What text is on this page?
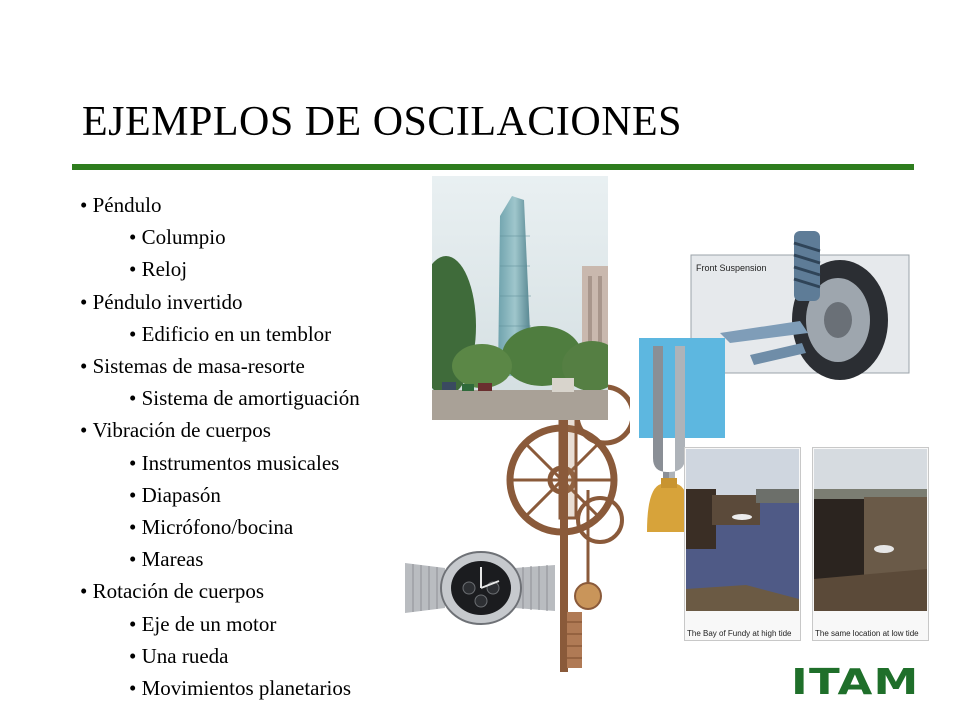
EJEMPLOS DE OSCILACIONES
• Péndulo
• Columpio
• Reloj
• Péndulo invertido
• Edificio en un temblor
• Sistemas de masa-resorte
• Sistema de amortiguación
• Vibración de cuerpos
• Instrumentos musicales
• Diapasón
• Micrófono/bocina
• Mareas
• Rotación de cuerpos
• Eje de un motor
• Una rueda
• Movimientos planetarios
Front Suspension
The Bay of Fundy at high tide	The same location at low tide
ITAM
